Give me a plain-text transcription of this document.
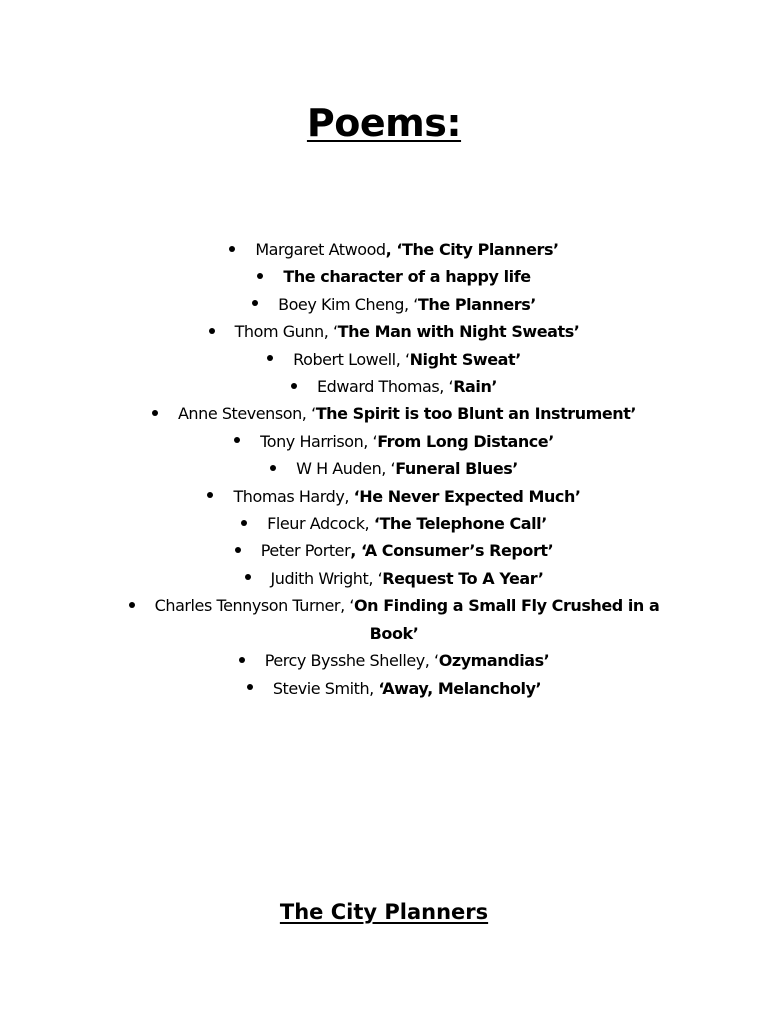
Poems:
Margaret Atwood, ‘The City Planners’
The character of a happy life
Boey Kim Cheng, ‘The Planners’
Thom Gunn, ‘The Man with Night Sweats’
Robert Lowell, ‘Night Sweat’
Edward Thomas, ‘Rain’
Anne Stevenson, ‘The Spirit is too Blunt an Instrument’
Tony Harrison, ‘From Long Distance’
W H Auden, ‘Funeral Blues’
Thomas Hardy, ‘He Never Expected Much’
Fleur Adcock, ‘The Telephone Call’
Peter Porter, ‘A Consumer’s Report’
Judith Wright, ‘Request To A Year’
Charles Tennyson Turner, ‘On Finding a Small Fly Crushed in a Book’
Percy Bysshe Shelley, ‘Ozymandias’
Stevie Smith, ‘Away, Melancholy’
The City Planners
